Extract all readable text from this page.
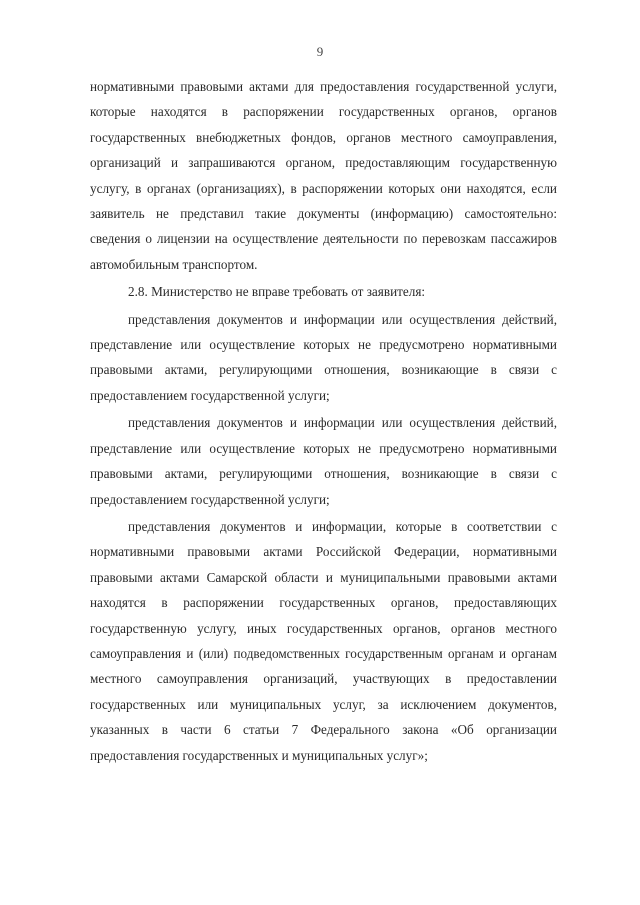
9

нормативными правовыми актами для предоставления государственной услуги, которые находятся в распоряжении государственных органов, органов государственных внебюджетных фондов, органов местного самоуправления, организаций и запрашиваются органом, предоставляющим государственную услугу, в органах (организациях), в распоряжении которых они находятся, если заявитель не представил такие документы (информацию) самостоятельно: сведения о лицензии на осуществление деятельности по перевозкам пассажиров автомобильным транспортом.

2.8. Министерство не вправе требовать от заявителя:

представления документов и информации или осуществления действий, представление или осуществление которых не предусмотрено нормативными правовыми актами, регулирующими отношения, возникающие в связи с предоставлением государственной услуги;

представления документов и информации или осуществления действий, представление или осуществление которых не предусмотрено нормативными правовыми актами, регулирующими отношения, возникающие в связи с предоставлением государственной услуги;

представления документов и информации, которые в соответствии с нормативными правовыми актами Российской Федерации, нормативными правовыми актами Самарской области и муниципальными правовыми актами находятся в распоряжении государственных органов, предоставляющих государственную услугу, иных государственных органов, органов местного самоуправления и (или) подведомственных государственным органам и органам местного самоуправления организаций, участвующих в предоставлении государственных или муниципальных услуг, за исключением документов, указанных в части 6 статьи 7 Федерального закона «Об организации предоставления государственных и муниципальных услуг»;
